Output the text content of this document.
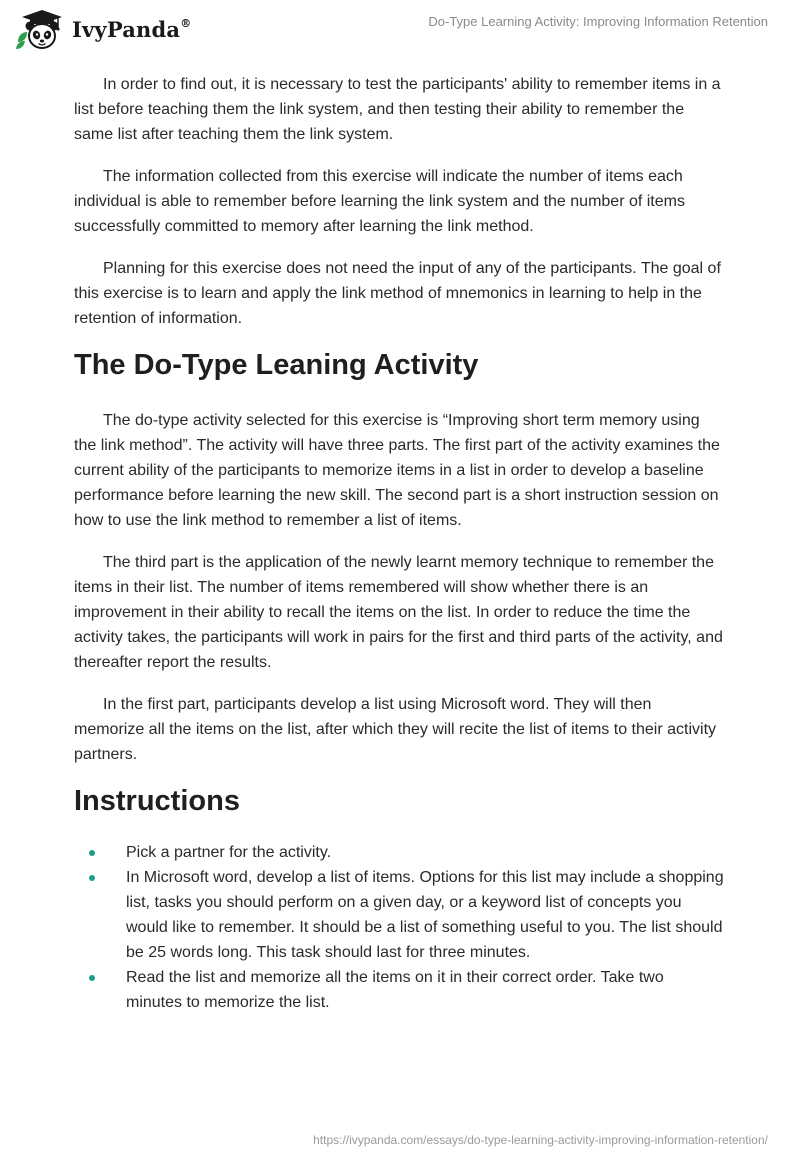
IvyPanda®	Do-Type Learning Activity: Improving Information Retention

In order to find out, it is necessary to test the participants' ability to remember items in a list before teaching them the link system, and then testing their ability to remember the same list after teaching them the link system.

The information collected from this exercise will indicate the number of items each individual is able to remember before learning the link system and the number of items successfully committed to memory after learning the link method.

Planning for this exercise does not need the input of any of the participants. The goal of this exercise is to learn and apply the link method of mnemonics in learning to help in the retention of information.

The Do-Type Leaning Activity

The do-type activity selected for this exercise is “Improving short term memory using the link method”. The activity will have three parts. The first part of the activity examines the current ability of the participants to memorize items in a list in order to develop a baseline performance before learning the new skill. The second part is a short instruction session on how to use the link method to remember a list of items.

The third part is the application of the newly learnt memory technique to remember the items in their list. The number of items remembered will show whether there is an improvement in their ability to recall the items on the list. In order to reduce the time the activity takes, the participants will work in pairs for the first and third parts of the activity, and thereafter report the results.

In the first part, participants develop a list using Microsoft word. They will then memorize all the items on the list, after which they will recite the list of items to their activity partners.

Instructions
Pick a partner for the activity.
In Microsoft word, develop a list of items. Options for this list may include a shopping list, tasks you should perform on a given day, or a keyword list of concepts you would like to remember. It should be a list of something useful to you. The list should be 25 words long. This task should last for three minutes.
Read the list and memorize all the items on it in their correct order. Take two minutes to memorize the list.
https://ivypanda.com/essays/do-type-learning-activity-improving-information-retention/
